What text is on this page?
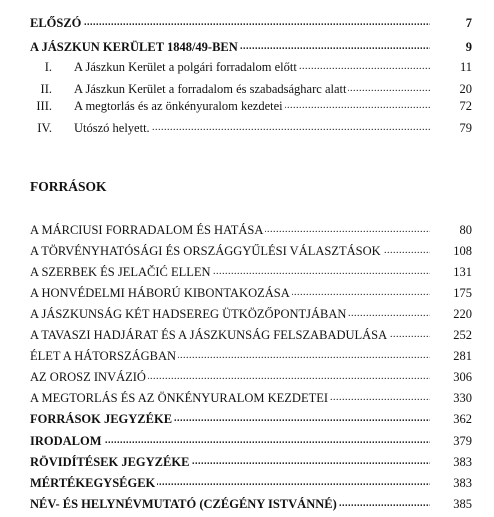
.....
ELŐSZÓ	7
.....
A JÁSZKUN KERÜLET 1848/49-BEN	9
I. ..... A Jászkun Kerület a polgári forradalom előtt	11
II. ..... A Jászkun Kerület a forradalom és szabadságharc alatt	20
III. ..... A megtorlás és az önkényuralom kezdetei	72
IV. ..... Utószó helyett.	79
FORRÁSOK
.....
A MÁRCIUSI FORRADALOM ÉS HATÁSA	80
.....
A TÖRVÉNYHATÓSÁGI ÉS ORSZÁGGYŰLÉSI VÁLASZTÁSOK	108
.....
A SZERBEK ÉS JELAČIĆ ELLEN	131
.....
A HONVÉDELMI HÁBORÚ KIBONTAKOZÁSA	175
.....
A JÁSZKUNSÁG KÉT HADSEREG ÜTKÖZŐPONTJÁBAN	220
.....
A TAVASZI HADJÁRAT ÉS A JÁSZKUNSÁG FELSZABADULÁSA	252
.....
ÉLET A HÁTORSZÁGBAN	281
.....
AZ OROSZ INVÁZIÓ	306
.....
A MEGTORLÁS ÉS AZ ÖNKÉNYURALOM KEZDETEI	330
.....
FORRÁSOK JEGYZÉKE	362
.....
IRODALOM	379
.....
RÖVIDÍTÉSEK JEGYZÉKE	383
.....
MÉRTÉKEGYSÉGEK	383
.....
NÉV- ÉS HELYNÉVMUTATÓ (CZÉGÉNY ISTVÁNNÉ)	385
